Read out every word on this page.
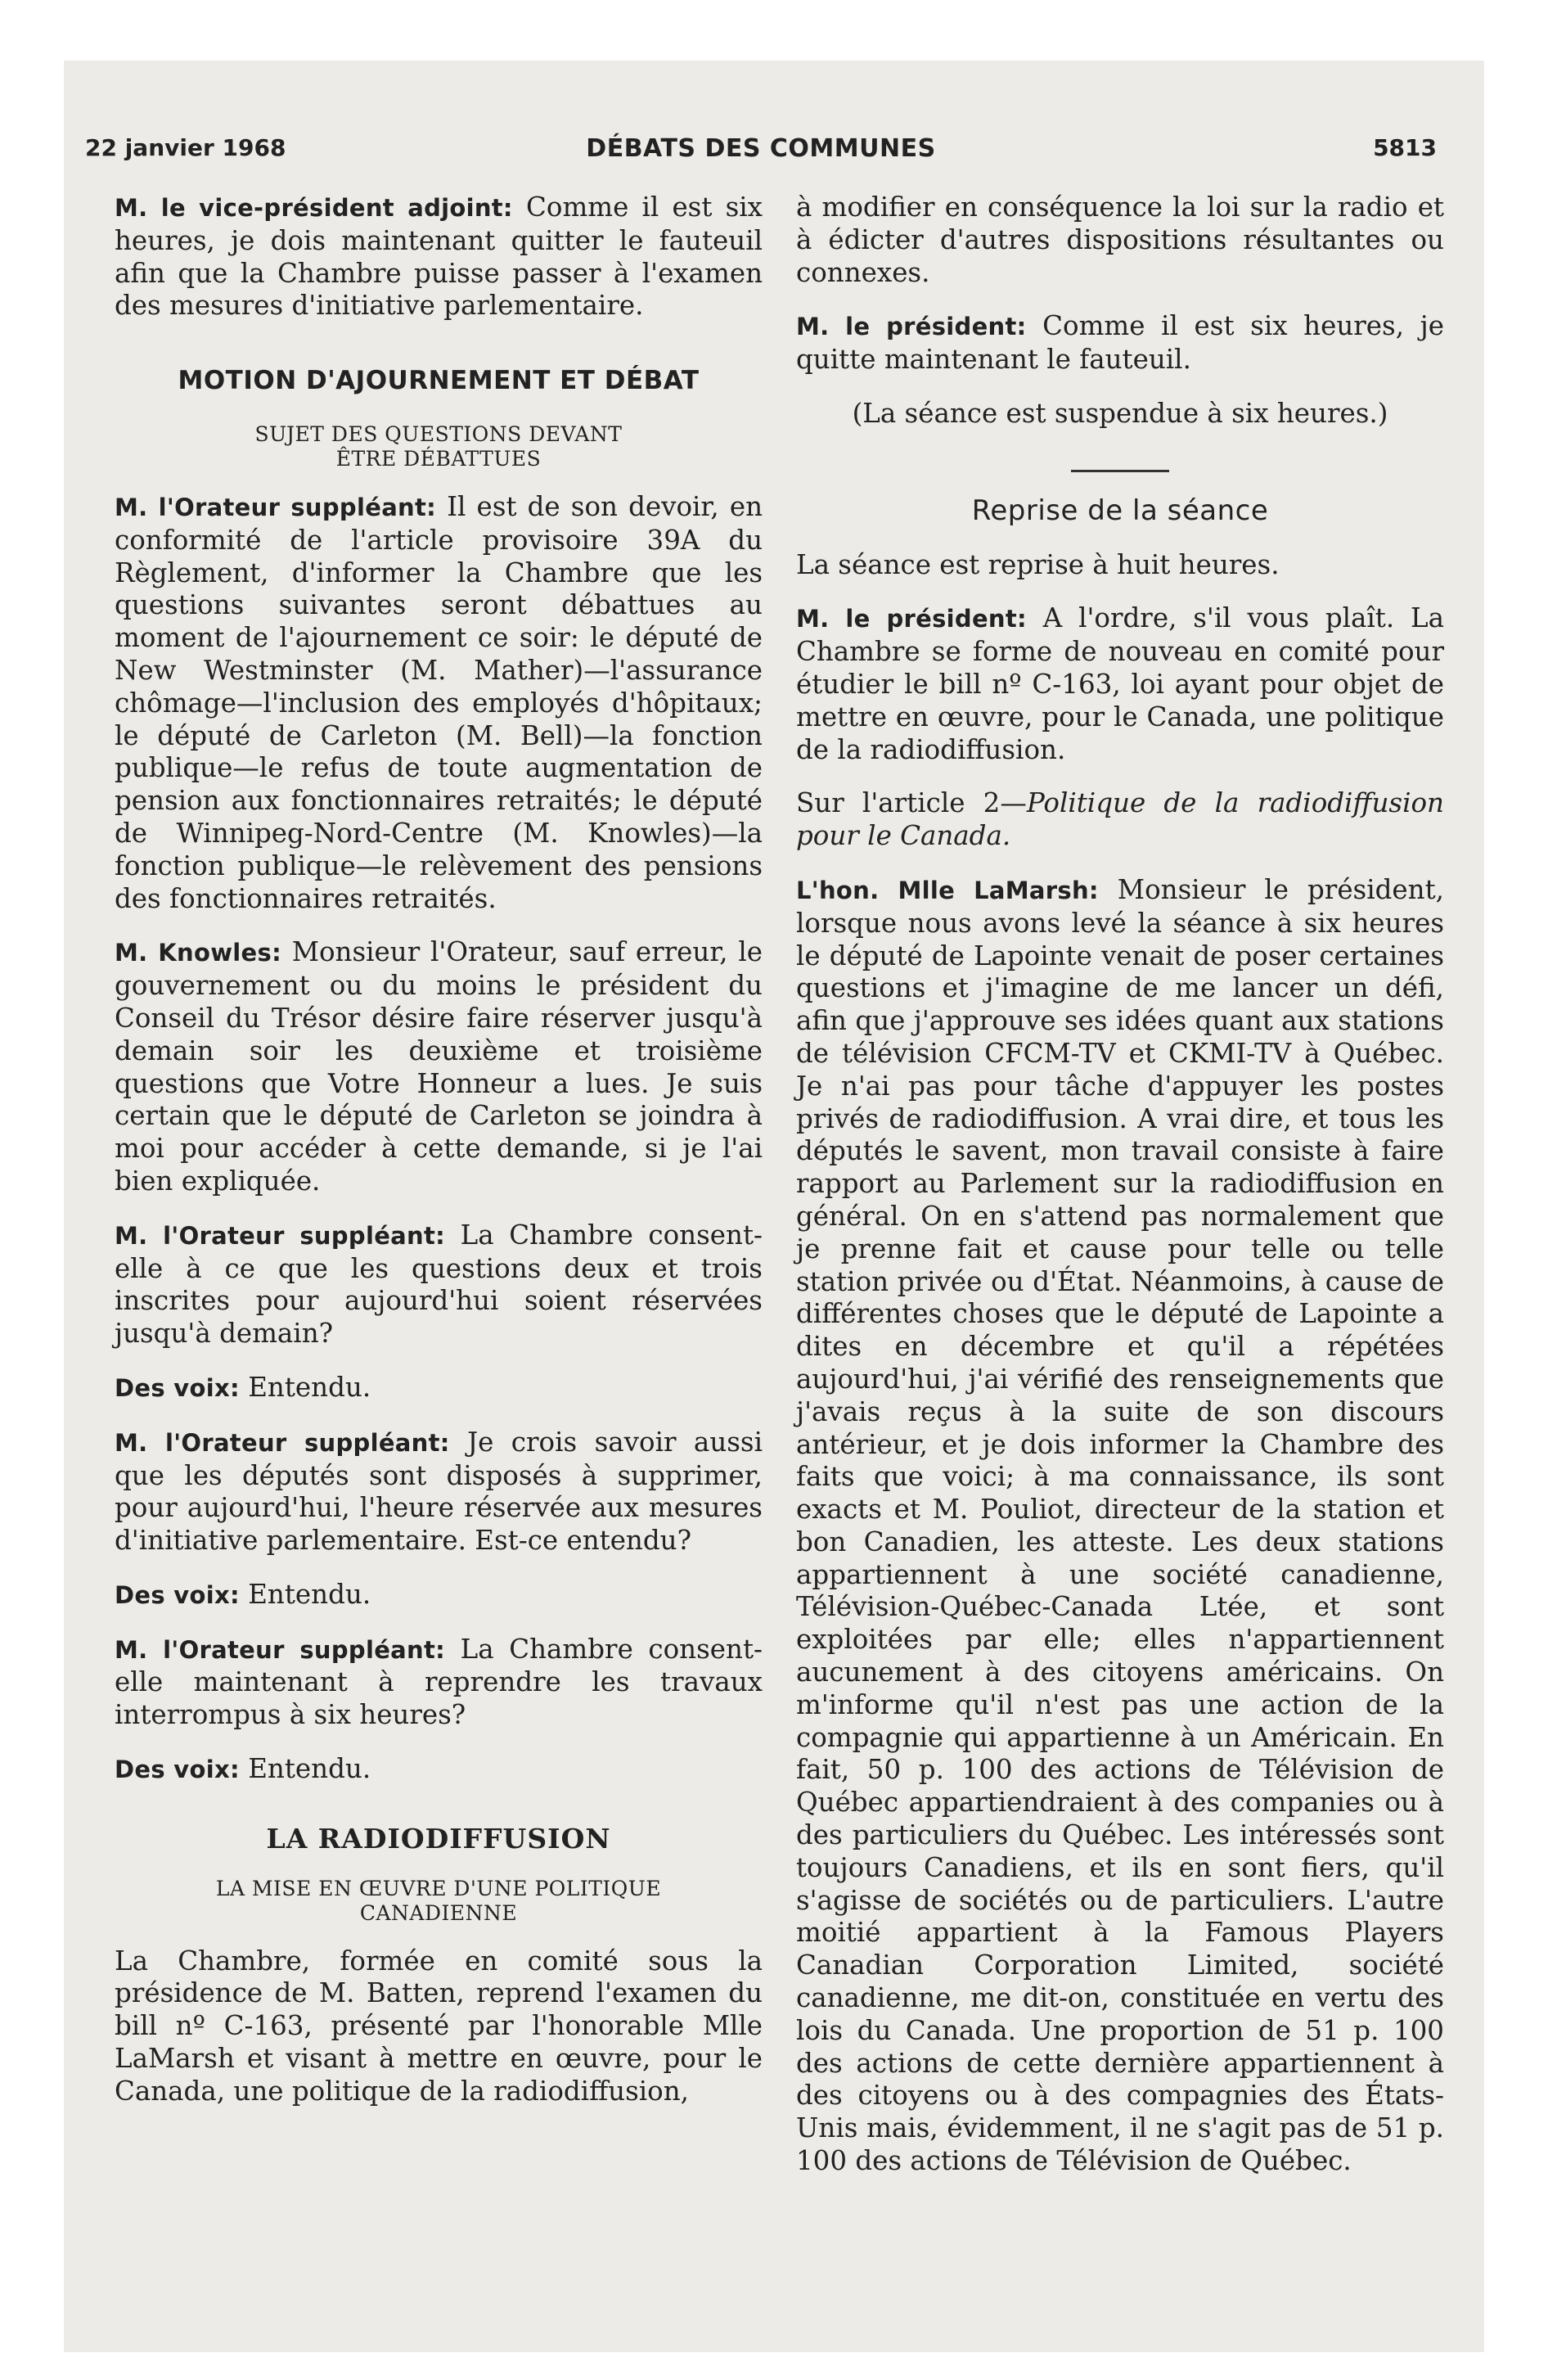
22 janvier 1968	DÉBATS DES COMMUNES	5813

M. le vice-président adjoint: Comme il est six heures, je dois maintenant quitter le fauteuil afin que la Chambre puisse passer à l'examen des mesures d'initiative parlementaire.

MOTION D'AJOURNEMENT ET DÉBAT
SUJET DES QUESTIONS DEVANT
ÊTRE DÉBATTUES

M. l'Orateur suppléant: Il est de son devoir, en conformité de l'article provisoire 39A du Règlement, d'informer la Chambre que les questions suivantes seront débattues au moment de l'ajournement ce soir: le député de New Westminster (M. Mather)—l'assurance chômage—l'inclusion des employés d'hôpitaux; le député de Carleton (M. Bell)—la fonction publique—le refus de toute augmentation de pension aux fonctionnaires retraités; le député de Winnipeg-Nord-Centre (M. Knowles)—la fonction publique—le relèvement des pensions des fonctionnaires retraités.

M. Knowles: Monsieur l'Orateur, sauf erreur, le gouvernement ou du moins le président du Conseil du Trésor désire faire réserver jusqu'à demain soir les deuxième et troisième questions que Votre Honneur a lues. Je suis certain que le député de Carleton se joindra à moi pour accéder à cette demande, si je l'ai bien expliquée.

M. l'Orateur suppléant: La Chambre consent-elle à ce que les questions deux et trois inscrites pour aujourd'hui soient réservées jusqu'à demain?

Des voix: Entendu.

M. l'Orateur suppléant: Je crois savoir aussi que les députés sont disposés à supprimer, pour aujourd'hui, l'heure réservée aux mesures d'initiative parlementaire. Est-ce entendu?

Des voix: Entendu.

M. l'Orateur suppléant: La Chambre consent-elle maintenant à reprendre les travaux interrompus à six heures?

Des voix: Entendu.

LA RADIODIFFUSION
LA MISE EN ŒUVRE D'UNE POLITIQUE
CANADIENNE

La Chambre, formée en comité sous la présidence de M. Batten, reprend l'examen du bill nº C-163, présenté par l'honorable Mlle LaMarsh et visant à mettre en œuvre, pour le Canada, une politique de la radiodiffusion,

à modifier en conséquence la loi sur la radio et à édicter d'autres dispositions résultantes ou connexes.

M. le président: Comme il est six heures, je quitte maintenant le fauteuil.

(La séance est suspendue à six heures.)

Reprise de la séance

La séance est reprise à huit heures.

M. le président: A l'ordre, s'il vous plaît. La Chambre se forme de nouveau en comité pour étudier le bill nº C-163, loi ayant pour objet de mettre en œuvre, pour le Canada, une politique de la radiodiffusion.

Sur l'article 2—Politique de la radiodiffusion pour le Canada.

L'hon. Mlle LaMarsh: Monsieur le président, lorsque nous avons levé la séance à six heures le député de Lapointe venait de poser certaines questions et j'imagine de me lancer un défi, afin que j'approuve ses idées quant aux stations de télévision CFCM-TV et CKMI-TV à Québec. Je n'ai pas pour tâche d'appuyer les postes privés de radiodiffusion. A vrai dire, et tous les députés le savent, mon travail consiste à faire rapport au Parlement sur la radiodiffusion en général. On en s'attend pas normalement que je prenne fait et cause pour telle ou telle station privée ou d'État. Néanmoins, à cause de différentes choses que le député de Lapointe a dites en décembre et qu'il a répétées aujourd'hui, j'ai vérifié des renseignements que j'avais reçus à la suite de son discours antérieur, et je dois informer la Chambre des faits que voici; à ma connaissance, ils sont exacts et M. Pouliot, directeur de la station et bon Canadien, les atteste. Les deux stations appartiennent à une société canadienne, Télévision-Québec-Canada Ltée, et sont exploitées par elle; elles n'appartiennent aucunement à des citoyens américains. On m'informe qu'il n'est pas une action de la compagnie qui appartienne à un Américain. En fait, 50 p. 100 des actions de Télévision de Québec appartiendraient à des companies ou à des particuliers du Québec. Les intéressés sont toujours Canadiens, et ils en sont fiers, qu'il s'agisse de sociétés ou de particuliers. L'autre moitié appartient à la Famous Players Canadian Corporation Limited, société canadienne, me dit-on, constituée en vertu des lois du Canada. Une proportion de 51 p. 100 des actions de cette dernière appartiennent à des citoyens ou à des compagnies des États-Unis mais, évidemment, il ne s'agit pas de 51 p. 100 des actions de Télévision de Québec.
